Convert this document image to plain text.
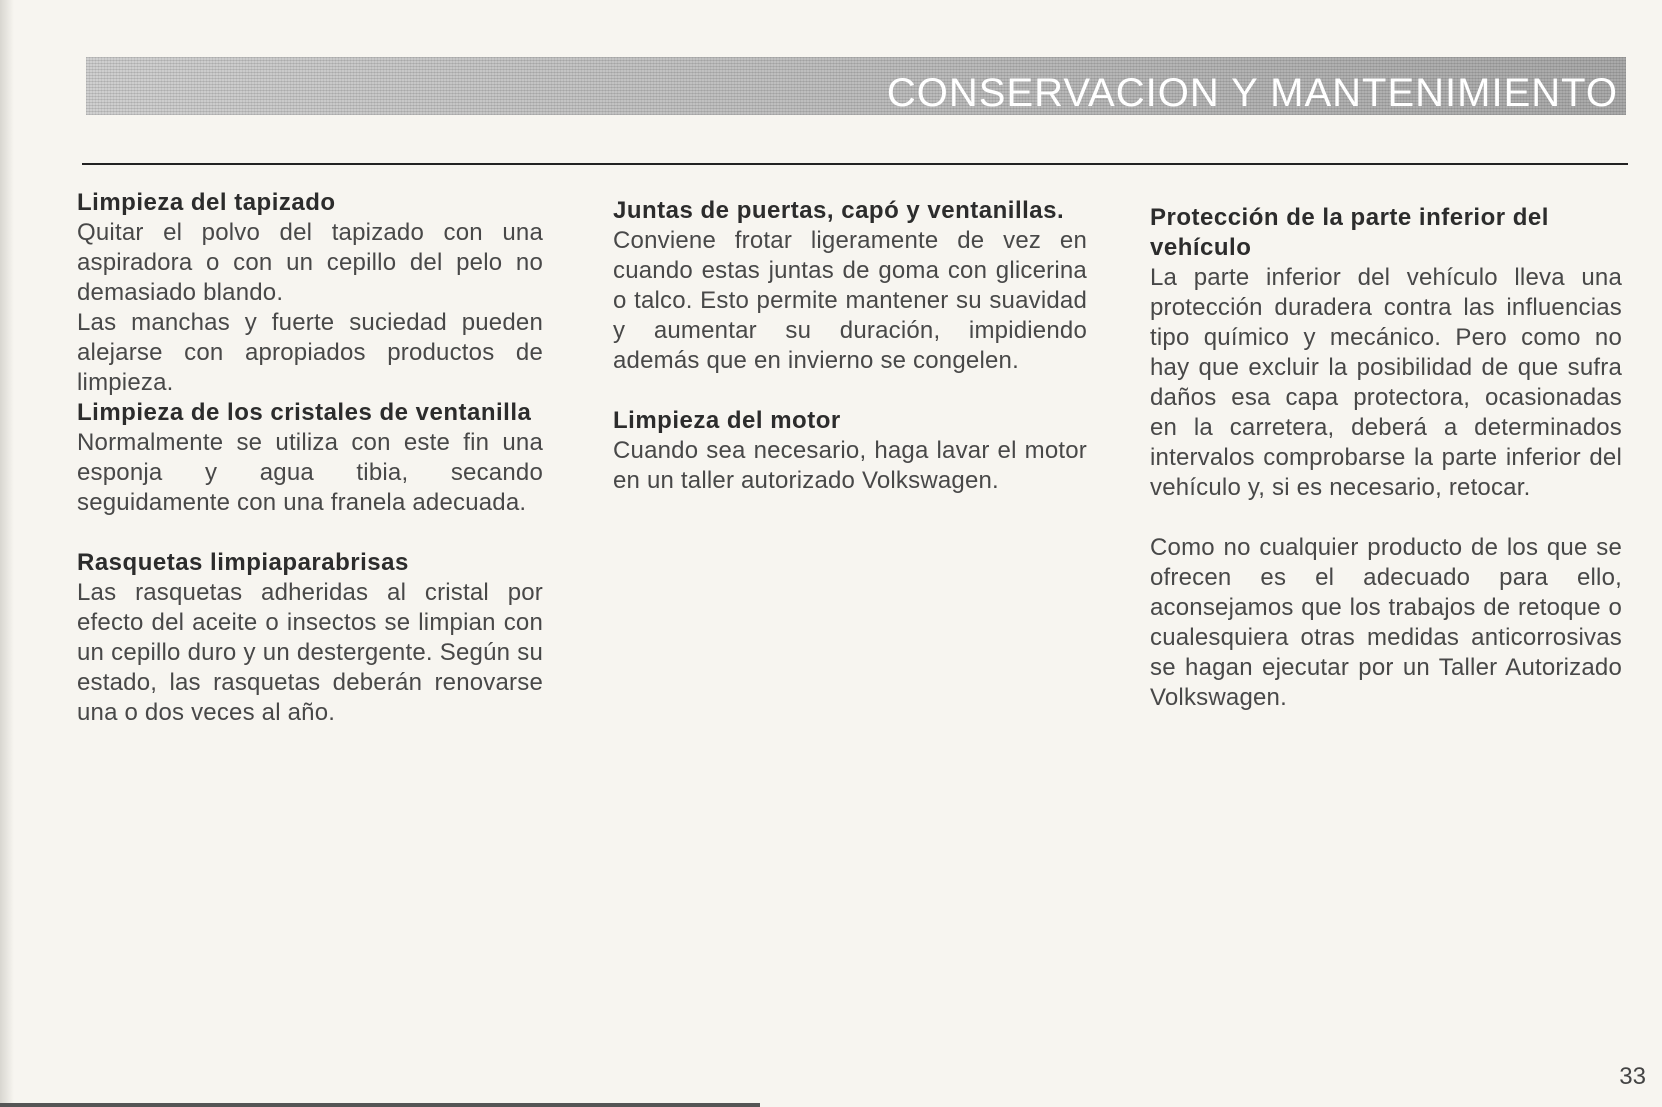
CONSERVACION Y MANTENIMIENTO
Limpieza del tapizado

Quitar el polvo del tapizado con una aspiradora o con un cepillo del pelo no demasiado blando.

Las manchas y fuerte suciedad pueden alejarse con apropiados productos de limpieza.

Limpieza de los cristales de ventanilla

Normalmente se utiliza con este fin una esponja y agua tibia, secando seguidamente con una franela adecuada.

Rasquetas limpiaparabrisas

Las rasquetas adheridas al cristal por efecto del aceite o insectos se limpian con un cepillo duro y un destergente. Según su estado, las rasquetas deberán renovarse una o dos veces al año.

Juntas de puertas, capó y ventanillas.

Conviene frotar ligeramente de vez en cuando estas juntas de goma con glicerina o talco. Esto permite mantener su suavidad y aumentar su duración, impidiendo además que en invierno se congelen.

Limpieza del motor

Cuando sea necesario, haga lavar el motor en un taller autorizado Volkswagen.

Protección de la parte inferior del vehículo

La parte inferior del vehículo lleva una protección duradera contra las influencias tipo químico y mecánico. Pero como no hay que excluir la posibilidad de que sufra daños esa capa protectora, ocasionadas en la carretera, deberá a determinados intervalos comprobarse la parte inferior del vehículo y, si es necesario, retocar.

Como no cualquier producto de los que se ofrecen es el adecuado para ello, aconsejamos que los trabajos de retoque o cualesquiera otras medidas anticorrosivas se hagan ejecutar por un Taller Autorizado Volkswagen.

33
